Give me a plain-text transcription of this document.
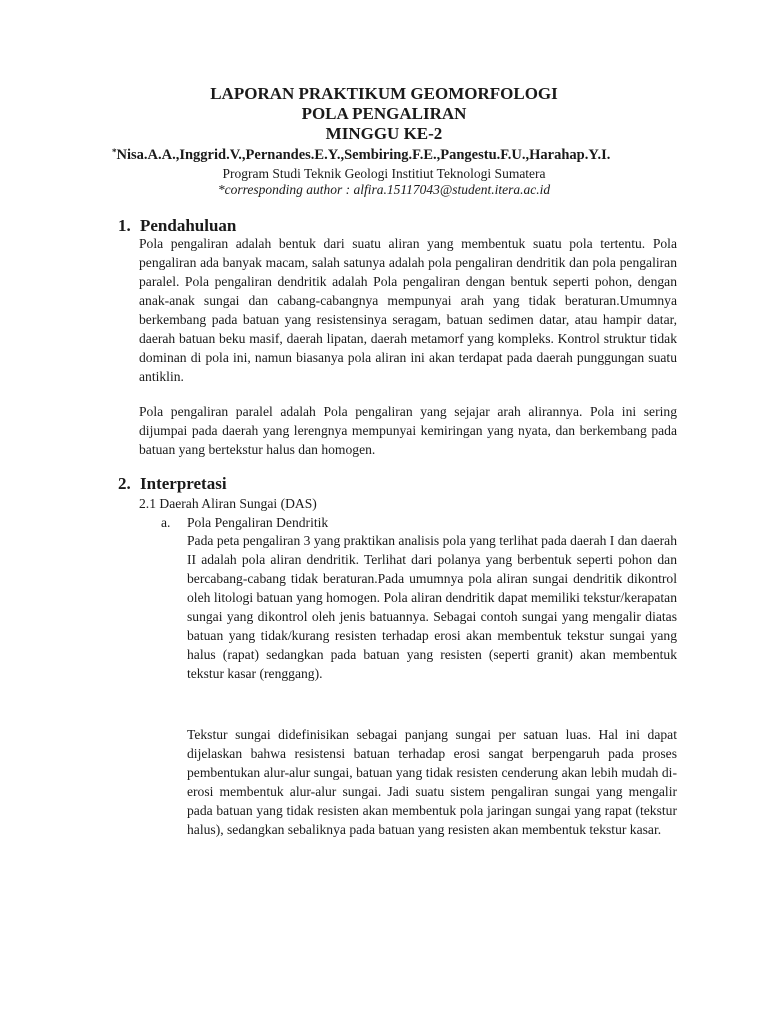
LAPORAN PRAKTIKUM GEOMORFOLOGI
POLA PENGALIRAN
MINGGU KE-2
*Nisa.A.A.,Inggrid.V.,Pernandes.E.Y.,Sembiring.F.E.,Pangestu.F.U.,Harahap.Y.I.
Program Studi Teknik Geologi Institiut Teknologi Sumatera
*corresponding author : alfira.15117043@student.itera.ac.id
1. Pendahuluan
Pola pengaliran adalah bentuk dari suatu aliran yang membentuk suatu pola tertentu. Pola pengaliran ada banyak macam, salah satunya adalah pola pengaliran dendritik dan pola pengaliran paralel. Pola pengaliran dendritik adalah Pola pengaliran dengan bentuk seperti pohon, dengan anak-anak sungai dan cabang-cabangnya mempunyai arah yang tidak beraturan.Umumnya berkembang pada batuan yang resistensinya seragam, batuan sedimen datar, atau hampir datar, daerah batuan beku masif, daerah lipatan, daerah metamorf yang kompleks. Kontrol struktur tidak dominan di pola ini, namun biasanya pola aliran ini akan terdapat pada daerah punggungan suatu antiklin.
Pola pengaliran paralel adalah Pola pengaliran yang sejajar arah alirannya. Pola ini sering dijumpai pada daerah yang lerengnya mempunyai kemiringan yang nyata, dan berkembang pada batuan yang bertekstur halus dan homogen.
2. Interpretasi
2.1 Daerah Aliran Sungai (DAS)
a. Pola Pengaliran Dendritik
Pada peta pengaliran 3 yang praktikan analisis pola yang terlihat pada daerah I dan daerah II adalah pola aliran dendritik. Terlihat dari polanya yang berbentuk seperti pohon dan bercabang-cabang tidak beraturan.Pada umumnya pola aliran sungai dendritik dikontrol oleh litologi batuan yang homogen. Pola aliran dendritik dapat memiliki tekstur/kerapatan sungai yang dikontrol oleh jenis batuannya. Sebagai contoh sungai yang mengalir diatas batuan yang tidak/kurang resisten terhadap erosi akan membentuk tekstur sungai yang halus (rapat) sedangkan pada batuan yang resisten (seperti granit) akan membentuk tekstur kasar (renggang).
Tekstur sungai didefinisikan sebagai panjang sungai per satuan luas. Hal ini dapat dijelaskan bahwa resistensi batuan terhadap erosi sangat berpengaruh pada proses pembentukan alur-alur sungai, batuan yang tidak resisten cenderung akan lebih mudah di-erosi membentuk alur-alur sungai. Jadi suatu sistem pengaliran sungai yang mengalir pada batuan yang tidak resisten akan membentuk pola jaringan sungai yang rapat (tekstur halus), sedangkan sebaliknya pada batuan yang resisten akan membentuk tekstur kasar.
